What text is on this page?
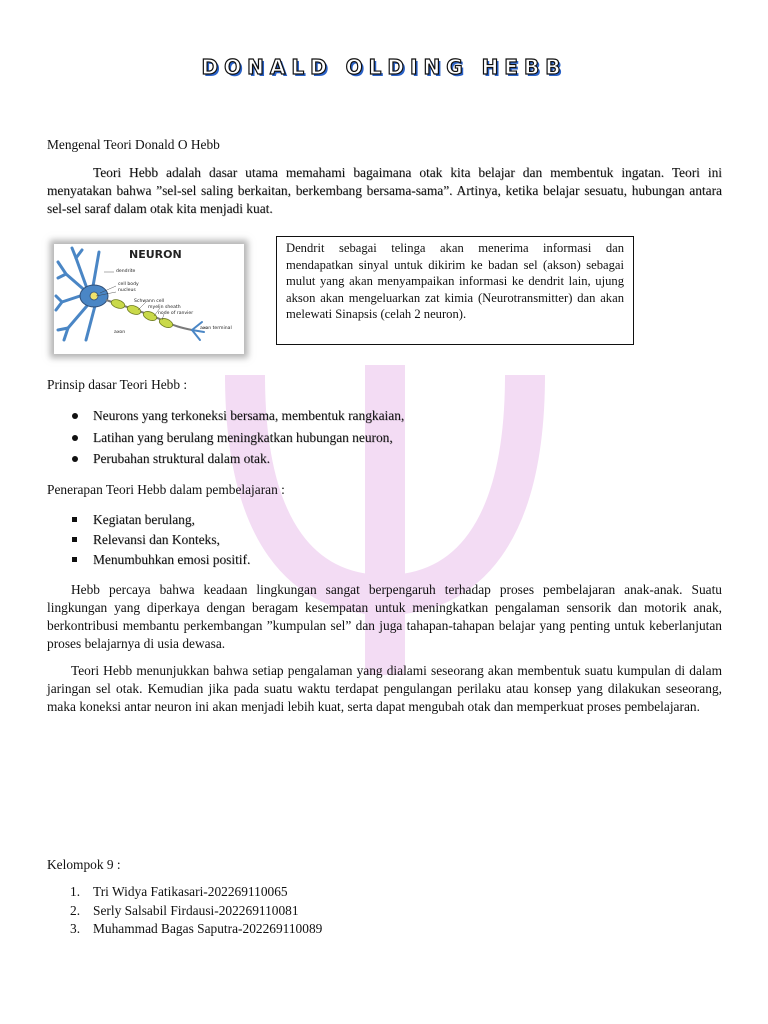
DONALD OLDING HEBB
Mengenal Teori Donald O Hebb
Teori Hebb adalah dasar utama memahami bagaimana otak kita belajar dan membentuk ingatan. Teori ini menyatakan bahwa ”sel-sel saling berkaitan, berkembang bersama-sama”. Artinya, ketika belajar sesuatu, hubungan antara sel-sel saraf dalam otak kita menjadi kuat.
NEURON
dendrite
cell body
nucleus
Schwann cell
myelin sheath
node of ranvier
axon
axon terminal
Dendrit sebagai telinga akan menerima informasi dan mendapatkan sinyal untuk dikirim ke badan sel (akson) sebagai mulut yang akan menyampaikan informasi ke dendrit lain, ujung akson akan mengeluarkan zat kimia (Neurotransmitter) dan akan melewati Sinapsis (celah 2 neuron).
Prinsip dasar Teori Hebb :
Neurons yang terkoneksi bersama, membentuk rangkaian,
Latihan yang berulang meningkatkan hubungan neuron,
Perubahan struktural dalam otak.
Penerapan Teori Hebb dalam pembelajaran :
Kegiatan berulang,
Relevansi dan Konteks,
Menumbuhkan emosi positif.
Hebb percaya bahwa keadaan lingkungan sangat berpengaruh terhadap proses pembelajaran anak-anak. Suatu lingkungan yang diperkaya dengan beragam kesempatan untuk meningkatkan pengalaman sensorik dan motorik anak, berkontribusi membantu perkembangan ”kumpulan sel” dan juga tahapan-tahapan belajar yang penting untuk keberlanjutan proses belajarnya di usia dewasa.
Teori Hebb menunjukkan bahwa setiap pengalaman yang dialami seseorang akan membentuk suatu kumpulan di dalam jaringan sel otak. Kemudian jika pada suatu waktu terdapat pengulangan perilaku atau konsep yang dilakukan seseorang, maka koneksi antar neuron ini akan menjadi lebih kuat, serta dapat mengubah otak dan memperkuat proses pembelajaran.
Kelompok 9 :
1. Tri Widya Fatikasari-202269110065
2. Serly Salsabil Firdausi-202269110081
3. Muhammad Bagas Saputra-202269110089
